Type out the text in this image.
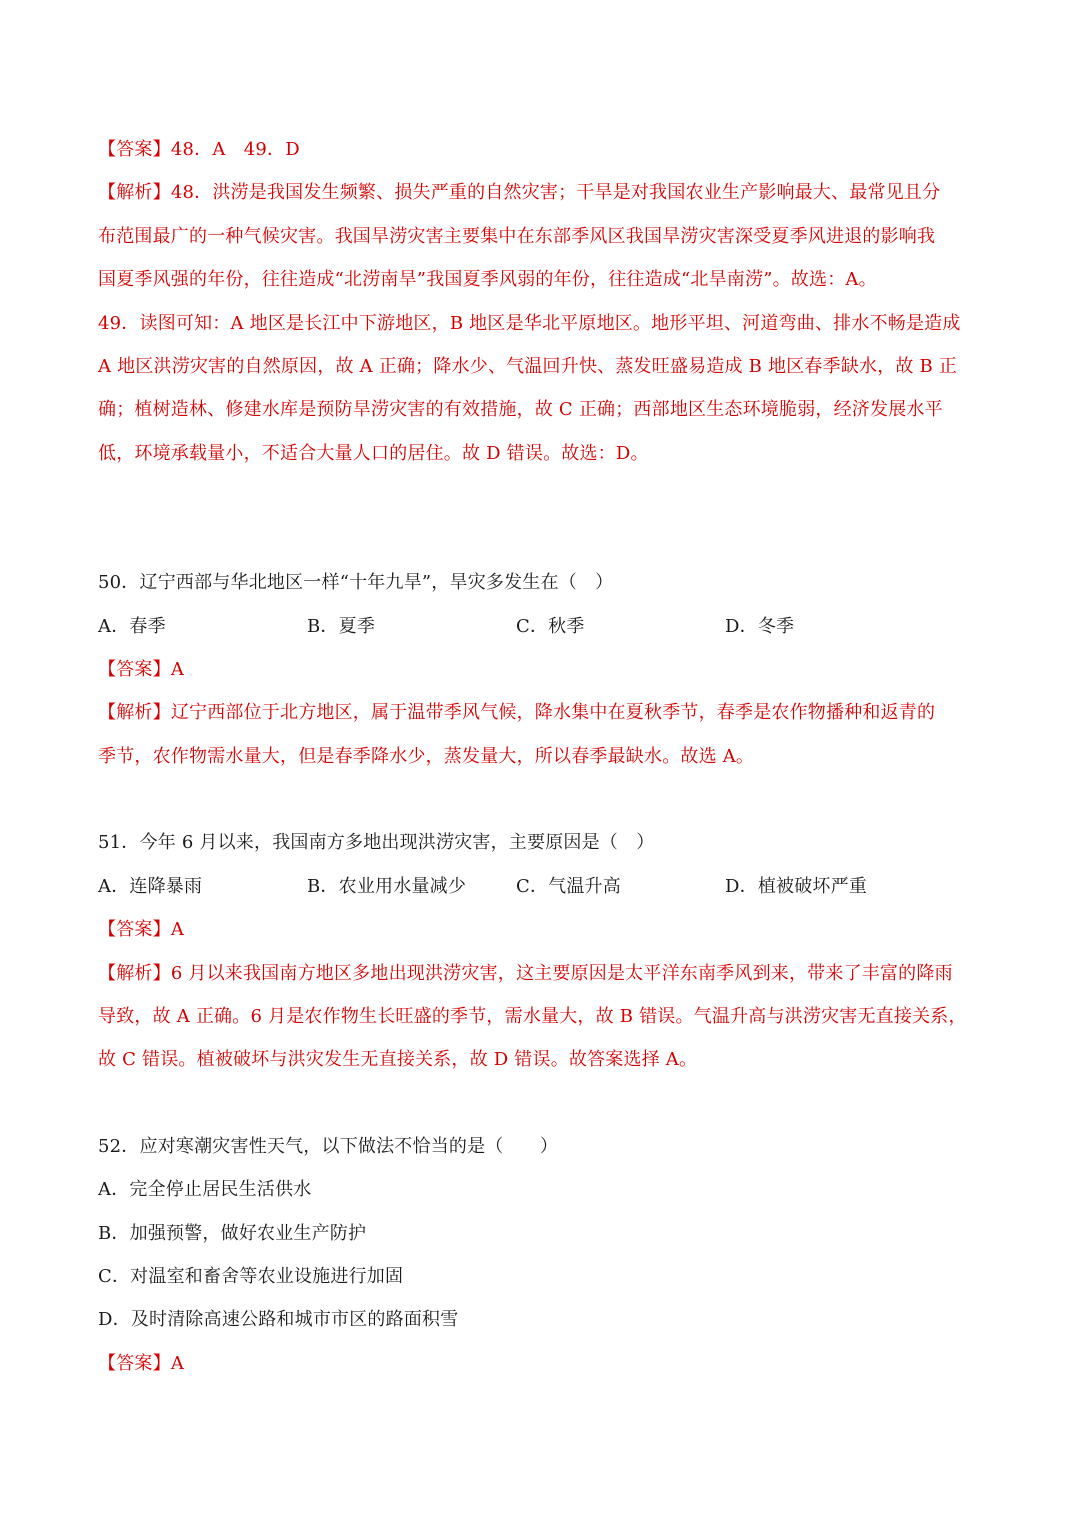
【答案】48．A　49．D
【解析】48．洪涝是我国发生频繁、损失严重的自然灾害；干旱是对我国农业生产影响最大、最常见且分
布范围最广的一种气候灾害。我国旱涝灾害主要集中在东部季风区我国旱涝灾害深受夏季风进退的影响我
国夏季风强的年份，往往造成“北涝南旱”我国夏季风弱的年份，往往造成“北旱南涝”。故选：A。
49．读图可知：A 地区是长江中下游地区，B 地区是华北平原地区。地形平坦、河道弯曲、排水不畅是造成
A 地区洪涝灾害的自然原因，故 A 正确；降水少、气温回升快、蒸发旺盛易造成 B 地区春季缺水，故 B 正
确；植树造林、修建水库是预防旱涝灾害的有效措施，故 C 正确；西部地区生态环境脆弱，经济发展水平
低，环境承载量小，不适合大量人口的居住。故 D 错误。故选：D。
50．辽宁西部与华北地区一样“十年九旱”，旱灾多发生在（　）
A．春季	B．夏季	C．秋季	D．冬季
【答案】A
【解析】辽宁西部位于北方地区，属于温带季风气候，降水集中在夏秋季节，春季是农作物播种和返青的
季节，农作物需水量大，但是春季降水少，蒸发量大，所以春季最缺水。故选 A。
51．今年 6 月以来，我国南方多地出现洪涝灾害，主要原因是（　）
A．连降暴雨	B．农业用水量减少	C．气温升高	D．植被破坏严重
【答案】A
【解析】6 月以来我国南方地区多地出现洪涝灾害，这主要原因是太平洋东南季风到来，带来了丰富的降雨
导致，故 A 正确。6 月是农作物生长旺盛的季节，需水量大，故 B 错误。气温升高与洪涝灾害无直接关系，
故 C 错误。植被破坏与洪灾发生无直接关系，故 D 错误。故答案选择 A。
52．应对寒潮灾害性天气，以下做法不恰当的是（　　）
A．完全停止居民生活供水
B．加强预警，做好农业生产防护
C．对温室和畜舍等农业设施进行加固
D．及时清除高速公路和城市市区的路面积雪
【答案】A
